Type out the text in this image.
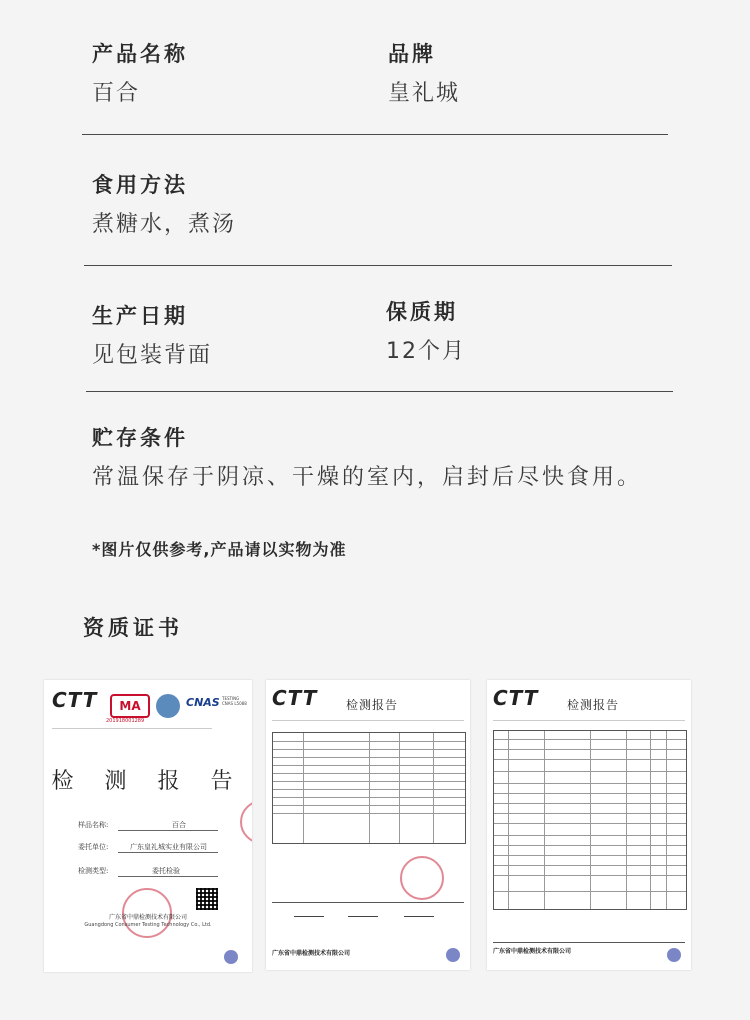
产品名称
百合
品牌
皇礼城
食用方法
煮糖水，煮汤
生产日期
见包装背面
保质期
12个月
贮存条件
常温保存于阴凉、干燥的室内，启封后尽快食用。
*图片仅供参考,产品请以实物为准
资质证书
CTT	MA
201918001289
CNAS TESTING CNAS L5088
检 测 报 告
样品名称:	百合
委托单位:	广东皇礼城实业有限公司
检测类型:	委托检验
广东省中鼎检测技术有限公司
Guangdong Consumer Testing Technology Co., Ltd.
CTT 检测报告
广东省中鼎检测技术有限公司
CTT 检测报告
广东省中鼎检测技术有限公司
